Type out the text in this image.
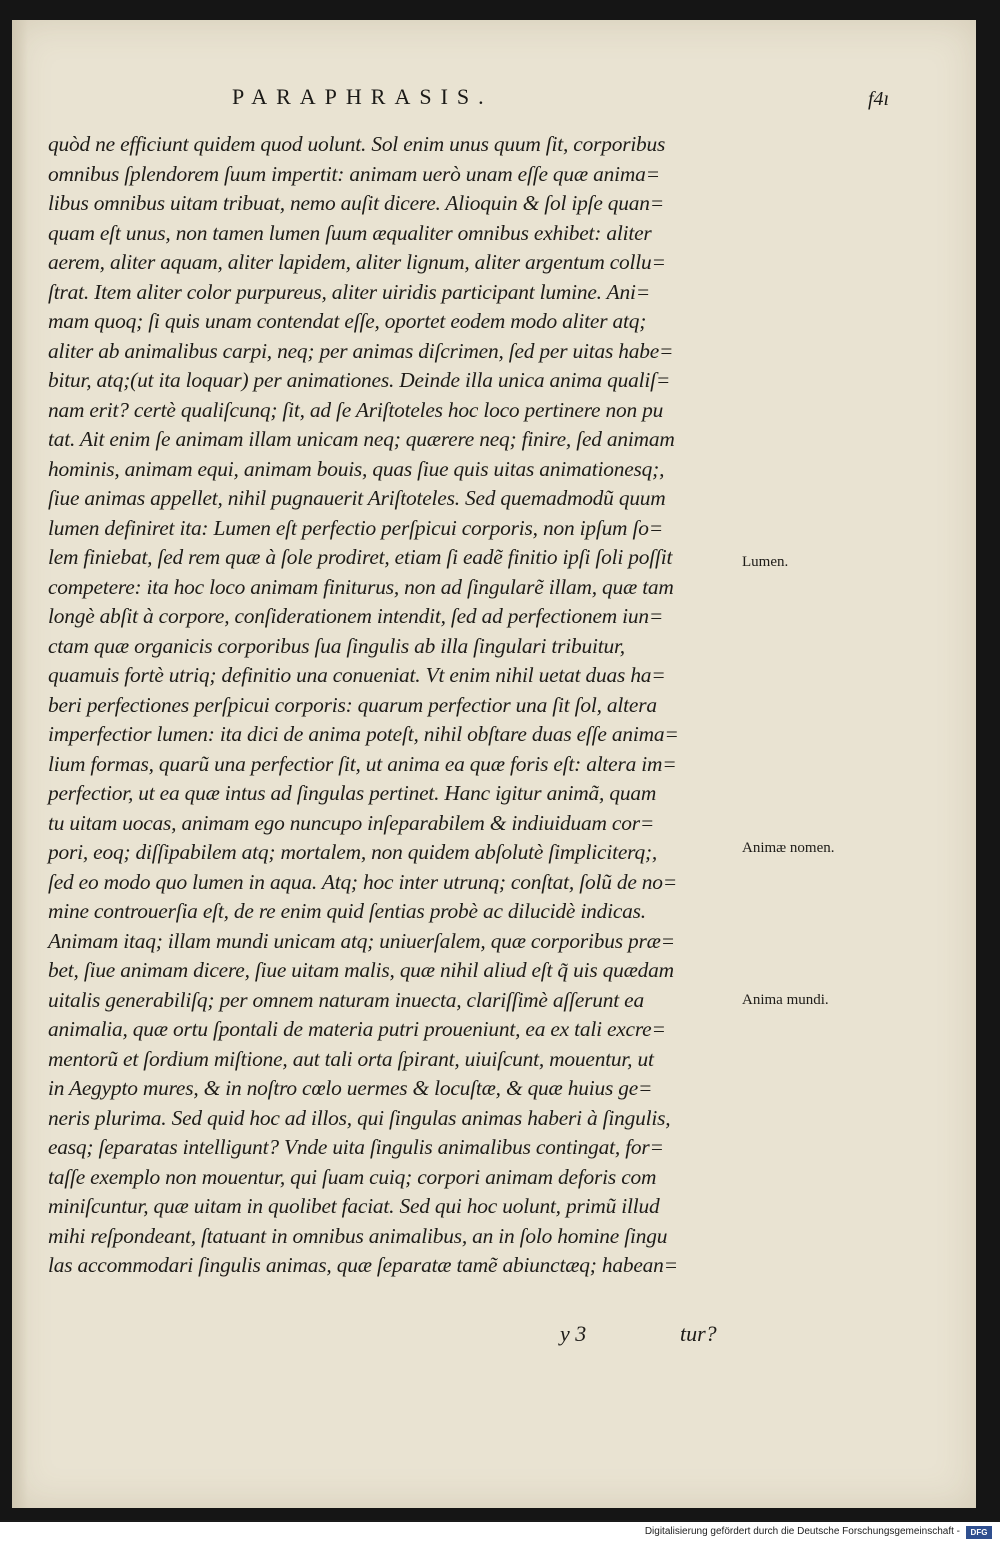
PARAPHRASIS.	f4ı
quòd ne efficiunt quidem quod uolunt. Sol enim unus quum ſit, corporibus
omnibus ſplendorem ſuum impertit: animam uerò unam eſſe quæ anima=
libus omnibus uitam tribuat, nemo auſit dicere. Alioquin & ſol ipſe quan=
quam eſt unus, non tamen lumen ſuum æqualiter omnibus exhibet: aliter
aerem, aliter aquam, aliter lapidem, aliter lignum, aliter argentum collu=
ſtrat. Item aliter color purpureus, aliter uiridis participant lumine. Ani=
mam quoq; ſi quis unam contendat eſſe, oportet eodem modo aliter atq;
aliter ab animalibus carpi, neq; per animas diſcrimen, ſed per uitas habe=
bitur, atq;(ut ita loquar) per animationes. Deinde illa unica anima qualiſ=
nam erit? certè qualiſcunq; ſit, ad ſe Ariſtoteles hoc loco pertinere non pu
tat. Ait enim ſe animam illam unicam neq; quærere neq; finire, ſed animam
hominis, animam equi, animam bouis, quas ſiue quis uitas animationesq;,
ſiue animas appellet, nihil pugnauerit Ariſtoteles. Sed quemadmodũ quum
lumen definiret ita: Lumen eſt perfectio perſpicui corporis, non ipſum ſo=
lem finiebat, ſed rem quæ à ſole prodiret, etiam ſi eadẽ finitio ipſi ſoli poſſit
competere: ita hoc loco animam finiturus, non ad ſingularẽ illam, quæ tam
longè abſit à corpore, conſiderationem intendit, ſed ad perfectionem iun=
ctam quæ organicis corporibus ſua ſingulis ab illa ſingulari tribuitur,
quamuis fortè utriq; definitio una conueniat. Vt enim nihil uetat duas ha=
beri perfectiones perſpicui corporis: quarum perfectior una ſit ſol, altera
imperfectior lumen: ita dici de anima poteſt, nihil obſtare duas eſſe anima=
lium formas, quarũ una perfectior ſit, ut anima ea quæ foris eſt: altera im=
perfectior, ut ea quæ intus ad ſingulas pertinet. Hanc igitur animã, quam
tu uitam uocas, animam ego nuncupo inſeparabilem & indiuiduam cor=
pori, eoq; diſſipabilem atq; mortalem, non quidem abſolutè ſimpliciterq;,
ſed eo modo quo lumen in aqua. Atq; hoc inter utrunq; conſtat, ſolũ de no=
mine controuerſia eſt, de re enim quid ſentias probè ac dilucidè indicas.
Animam itaq; illam mundi unicam atq; uniuerſalem, quæ corporibus præ=
bet, ſiue animam dicere, ſiue uitam malis, quæ nihil aliud eſt q̃ uis quædam
uitalis generabiliſq; per omnem naturam inuecta, clariſſimè aſſerunt ea
animalia, quæ ortu ſpontali de materia putri proueniunt, ea ex tali excre=
mentorũ et ſordium miſtione, aut tali orta ſpirant, uiuiſcunt, mouentur, ut
in Aegypto mures, & in noſtro cœlo uermes & locuſtæ, & quæ huius ge=
neris plurima. Sed quid hoc ad illos, qui ſingulas animas haberi à ſingulis,
easq; ſeparatas intelligunt? Vnde uita ſingulis animalibus contingat, for=
taſſe exemplo non mouentur, qui ſuam cuiq; corpori animam deforis com
miniſcuntur, quæ uitam in quolibet faciat. Sed qui hoc uolunt, primũ illud
mihi reſpondeant, ſtatuant in omnibus animalibus, an in ſolo homine ſingu
las accommodari ſingulis animas, quæ ſeparatæ tamẽ abiunctæq; habean=
Lumen.
Animæ nomen.
Anima mundi.
y 3	tur?
Digitalisierung gefördert durch die Deutsche Forschungsgemeinschaft -	DFG
